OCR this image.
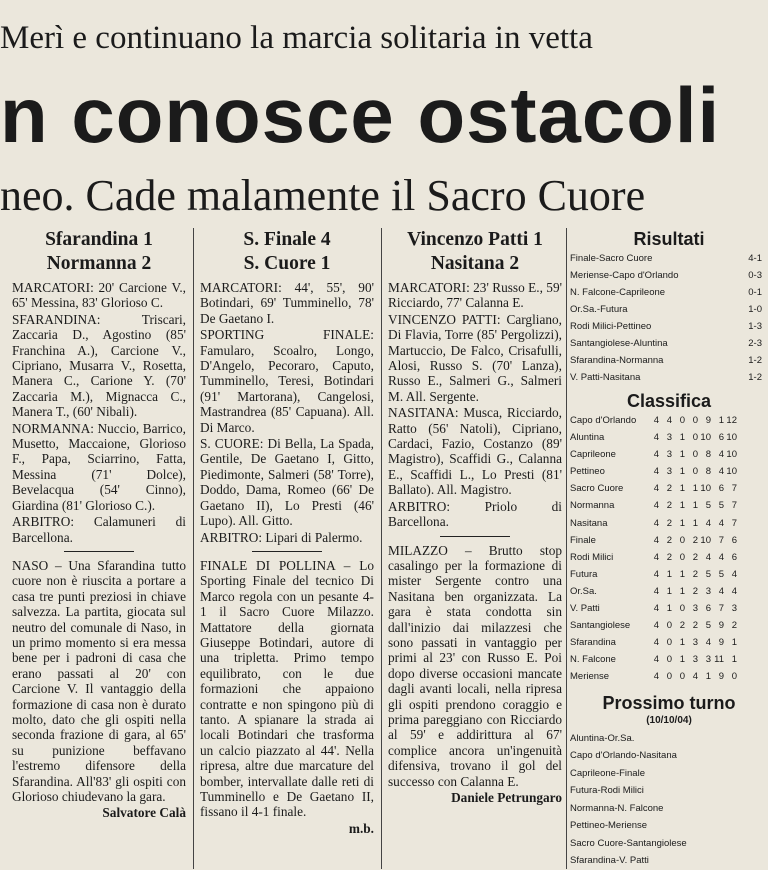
Merì e continuano la marcia solitaria in vetta
n conosce ostacoli
neo. Cade malamente il Sacro Cuore
Sfarandina 1
Normanna 2

MARCATORI: 20' Carcione V., 65' Messina, 83' Glorioso C.

SFARANDINA: Triscari, Zaccaria D., Agostino (85' Franchina A.), Carcione V., Cipriano, Musarra V., Rosetta, Manera C., Carione Y. (70' Zaccaria M.), Mignacca C., Manera T., (60' Nibali).

NORMANNA: Nuccio, Barrico, Musetto, Maccaione, Glorioso F., Papa, Sciarrino, Fatta, Messina (71' Dolce), Bevelacqua (54' Cinno), Giardina (81' Glorioso C.).

ARBITRO: Calamuneri di Barcellona.

NASO – Una Sfarandina tutto cuore non è riuscita a portare a casa tre punti preziosi in chiave salvezza. La partita, giocata sul neutro del comunale di Naso, in un primo momento si era messa bene per i padroni di casa che erano passati al 20' con Carcione V. Il vantaggio della formazione di casa non è durato molto, dato che gli ospiti nella seconda frazione di gara, al 65' su punizione beffavano l'estremo difensore della Sfarandina. All'83' gli ospiti con Glorioso chiudevano la gara.

Salvatore Calà
S. Finale 4
S. Cuore 1

MARCATORI: 44', 55', 90' Botindari, 69' Tumminello, 78' De Gaetano I.

SPORTING FINALE: Famularo, Scoalro, Longo, D'Angelo, Pecoraro, Caputo, Tumminello, Teresi, Botindari (91' Martorana), Cangelosi, Mastrandrea (85' Capuana). All. Di Marco.

S. CUORE: Di Bella, La Spada, Gentile, De Gaetano I, Gitto, Piedimonte, Salmeri (58' Torre), Doddo, Dama, Romeo (66' De Gaetano II), Lo Presti (46' Lupo). All. Gitto.

ARBITRO: Lipari di Palermo.

FINALE DI POLLINA – Lo Sporting Finale del tecnico Di Marco regola con un pesante 4-1 il Sacro Cuore Milazzo. Mattatore della giornata Giuseppe Botindari, autore di una tripletta. Primo tempo equilibrato, con le due formazioni che appaiono contratte e non spingono più di tanto. A spianare la strada ai locali Botindari che trasforma un calcio piazzato al 44'. Nella ripresa, altre due marcature del bomber, intervallate dalle reti di Tumminello e De Gaetano II, fissano il 4-1 finale.

m.b.
Vincenzo Patti 1
Nasitana 2

MARCATORI: 23' Russo E., 59' Ricciardo, 77' Calanna E.

VINCENZO PATTI: Cargliano, Di Flavia, Torre (85' Pergolizzi), Martuccio, De Falco, Crisafulli, Alosi, Russo S. (70' Lanza), Russo E., Salmeri G., Salmeri M. All. Sergente.

NASITANA: Musca, Ricciardo, Ratto (56' Natoli), Cipriano, Cardaci, Fazio, Costanzo (89' Magistro), Scaffidi G., Calanna E., Scaffidi L., Lo Presti (81' Ballato). All. Magistro.

ARBITRO: Priolo di Barcellona.

MILAZZO – Brutto stop casalingo per la formazione di mister Sergente contro una Nasitana ben organizzata. La gara è stata condotta sin dall'inizio dai milazzesi che sono passati in vantaggio per primi al 23' con Russo E. Poi dopo diverse occasioni mancate dagli avanti locali, nella ripresa gli ospiti prendono coraggio e prima pareggiano con Ricciardo al 59' e addirittura al 67' complice ancora un'ingenuità difensiva, trovano il gol del successo con Calanna E.

Daniele Petrungaro
Risultati
Finale-Sacro Cuore	4-1
Meriense-Capo d'Orlando	0-3
N. Falcone-Caprileone	0-1
Or.Sa.-Futura	1-0
Rodi Milici-Pettineo	1-3
Santangiolese-Aluntina	2-3
Sfarandina-Normanna	1-2
V. Patti-Nasitana	1-2
Classifica
Capo d'Orlando	4 4 0 0 9 1 12
Aluntina	4 3 1 0 10 6 10
Caprileone	4 3 1 0 8 4 10
Pettineo	4 3 1 0 8 4 10
Sacro Cuore	4 2 1 1 10 6 7
Normanna	4 2 1 1 5 5 7
Nasitana	4 2 1 1 4 4 7
Finale	4 2 0 2 10 7 6
Rodi Milici	4 2 0 2 4 4 6
Futura	4 1 1 2 5 5 4
Or.Sa.	4 1 1 2 3 4 4
V. Patti	4 1 0 3 6 7 3
Santangiolese	4 0 2 2 5 9 2
Sfarandina	4 0 1 3 4 9 1
N. Falcone	4 0 1 3 3 11 1
Meriense	4 0 0 4 1 9 0
Prossimo turno
(10/10/04)
Aluntina-Or.Sa.
Capo d'Orlando-Nasitana
Caprileone-Finale
Futura-Rodi Milici
Normanna-N. Falcone
Pettineo-Meriense
Sacro Cuore-Santangiolese
Sfarandina-V. Patti
